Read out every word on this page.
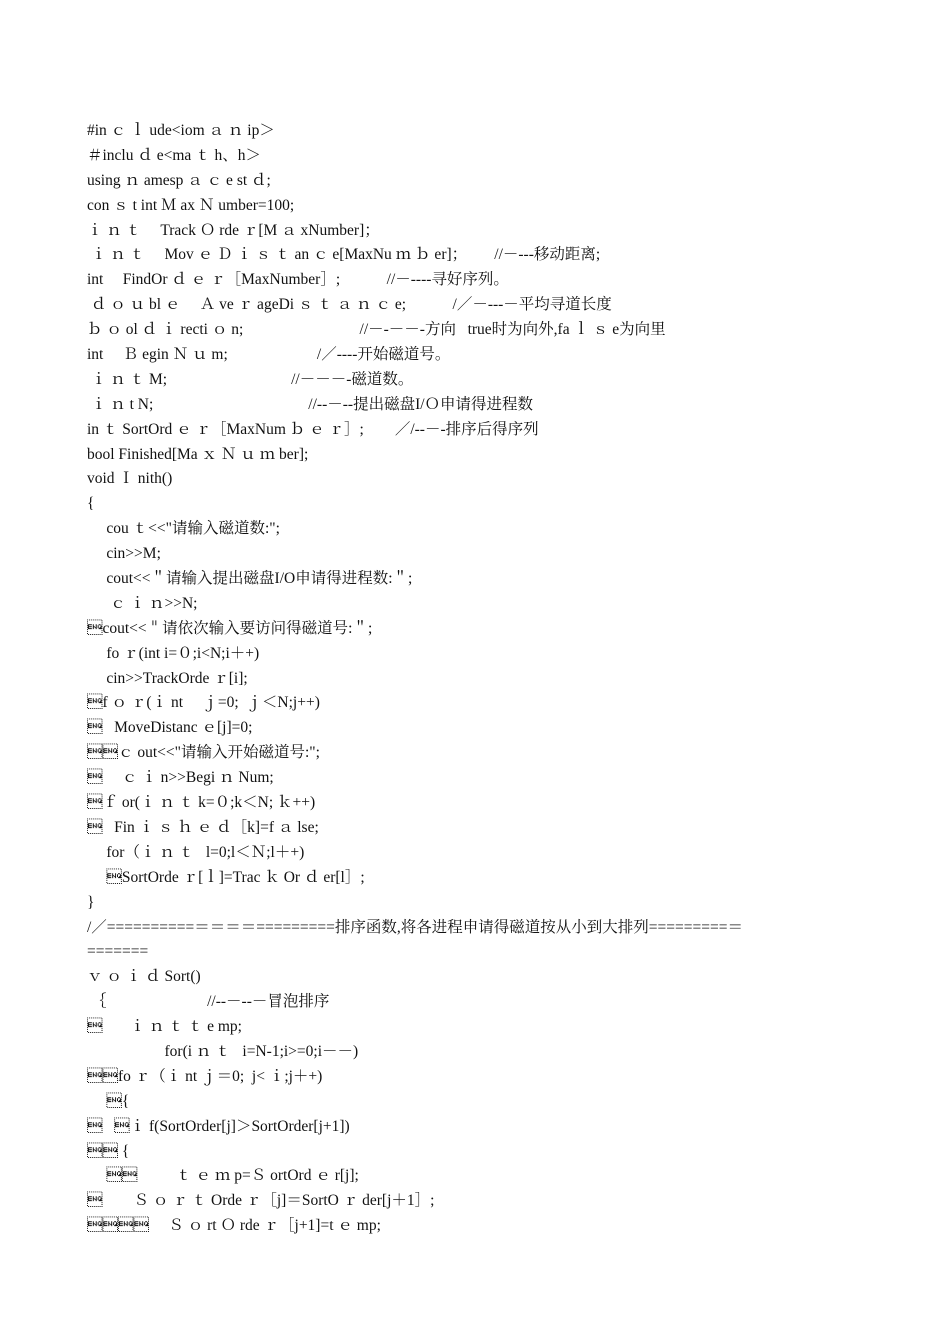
#in ｃ ｌ ude<iom ａ ｎ ip＞
＃inclu ｄ e<ma ｔ h、h＞
using ｎ amesp ａ ｃ e st ｄ;
con ｓ t int Ｍ ax Ｎ umber=100;
ｉ ｎ ｔ     Track Ｏ rde ｒ[M ａ xNumber]；
ｉ ｎ ｔ     Mov ｅ Ｄ ｉ ｓ ｔ an ｃ e[MaxNu ｍ ｂ er]；       //－---移动距离;
int     FindOr ｄ ｅ ｒ［MaxNumber］;            //－----寻好序列。
ｄ ｏ ｕ bl ｅ     Ａ ve ｒ ageDi ｓ ｔ ａ ｎ ｃ e;            /／－---－平均寻道长度
ｂ ｏ ol ｄ ｉ recti ｏ n;                              //－-－－-方向   true时为向外,fa ｌ ｓ e为向里
int     Ｂ egin Ｎ ｕ m;                       /／----开始磁道号。
ｉ ｎ ｔ M;                                //－－－-磁道数。
ｉ ｎ t N;                                        //--－--提出磁盘I/Ｏ申请得进程数
in ｔ SortOrd ｅ ｒ［MaxNum ｂ ｅ ｒ］;        ／/--－-排序后得序列
bool Finished[Ma ｘ Ｎ ｕ ｍ ber];
void Ｉ nith()
{
cou ｔ<<"请输入磁道数:";
cin>>M;
cout<<＂请输入提出磁盘I/O申请得进程数:＂;
ｃ ｉ ｎ>>N;
cout<<＂请依次输入要访问得磁道号:＂;
fo ｒ(int i=０;i<N;i＋+)
cin>>TrackOrde ｒ[i];
f ｏ ｒ(ｉ nt     ｊ=0;  ｊ＜N;j++)
   MoveDistanc ｅ[j]=0;
ｃ out<<"请输入开始磁道号:";
     ｃ ｉ n>>Begi ｎ Num;
ｆ or(ｉ ｎ ｔ k=０;k＜N; ｋ++)
   Fin ｉ ｓ ｈ ｅ ｄ［k]=f ａ lse;
for（ｉ ｎ ｔ   l=0;l＜Ｎ;l＋+)
SortOrde ｒ[ｌ]=Trac ｋ Or ｄ er[l］;
}
/／==========＝＝＝＝=========排序函数,将各进程申请得磁道按从小到大排列=========＝
=======
ｖ ｏ ｉ ｄ Sort()
｛                          //--－--－冒泡排序
       ｉ ｎ ｔ ｔ e mp;
for(i ｎ ｔ   i=N-1;i>=0;i－－)
fo ｒ（ｉ nt ｊ＝0;  j< ｉ;j＋+)
{
   ｉ f(SortOrder[j]＞SortOrder[j+1])
 {
          ｔ ｅ ｍ p=Ｓ ortOrd ｅ r[j];
        Ｓ ｏ ｒ ｔ Orde ｒ［j]＝SortO ｒ der[j＋1］;
     Ｓ ｏ rt Ｏ rde ｒ［j+1]=t ｅ mp;
